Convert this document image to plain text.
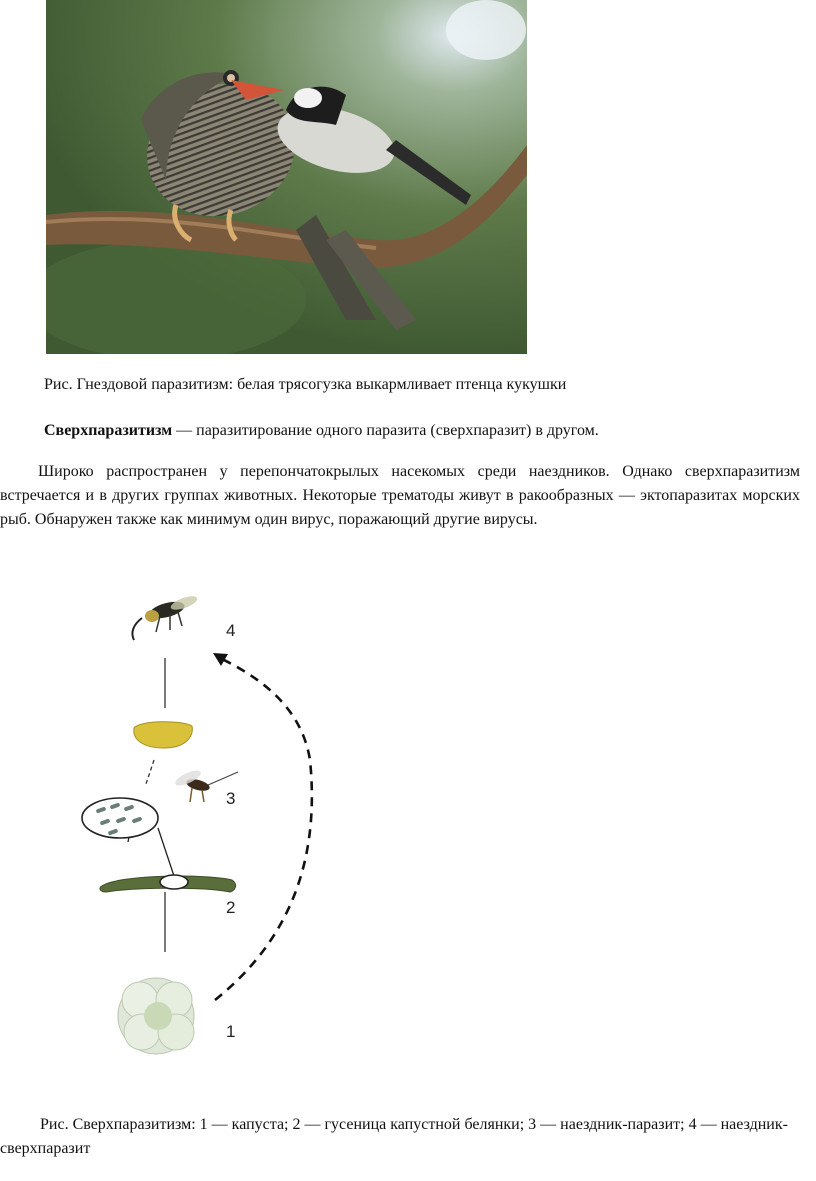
Рис. Гнездовой паразитизм: белая трясогузка выкармливает птенца кукушки
Сверхпаразитизм — паразитирование одного паразита (сверхпаразит) в другом.
Широко распространен у перепончатокрылых насекомых среди наездников. Однако сверхпаразитизм встречается и в других группах животных. Некоторые трематоды живут в ракообразных — эктопаразитах морских рыб. Обнаружен также как минимум один вирус, поражающий другие вирусы.
4
3
2
1
Рис. Сверхпаразитизм: 1 — капуста; 2 — гусеница капустной белянки; 3 — наездник-паразит; 4 — наездник-сверхпаразит
